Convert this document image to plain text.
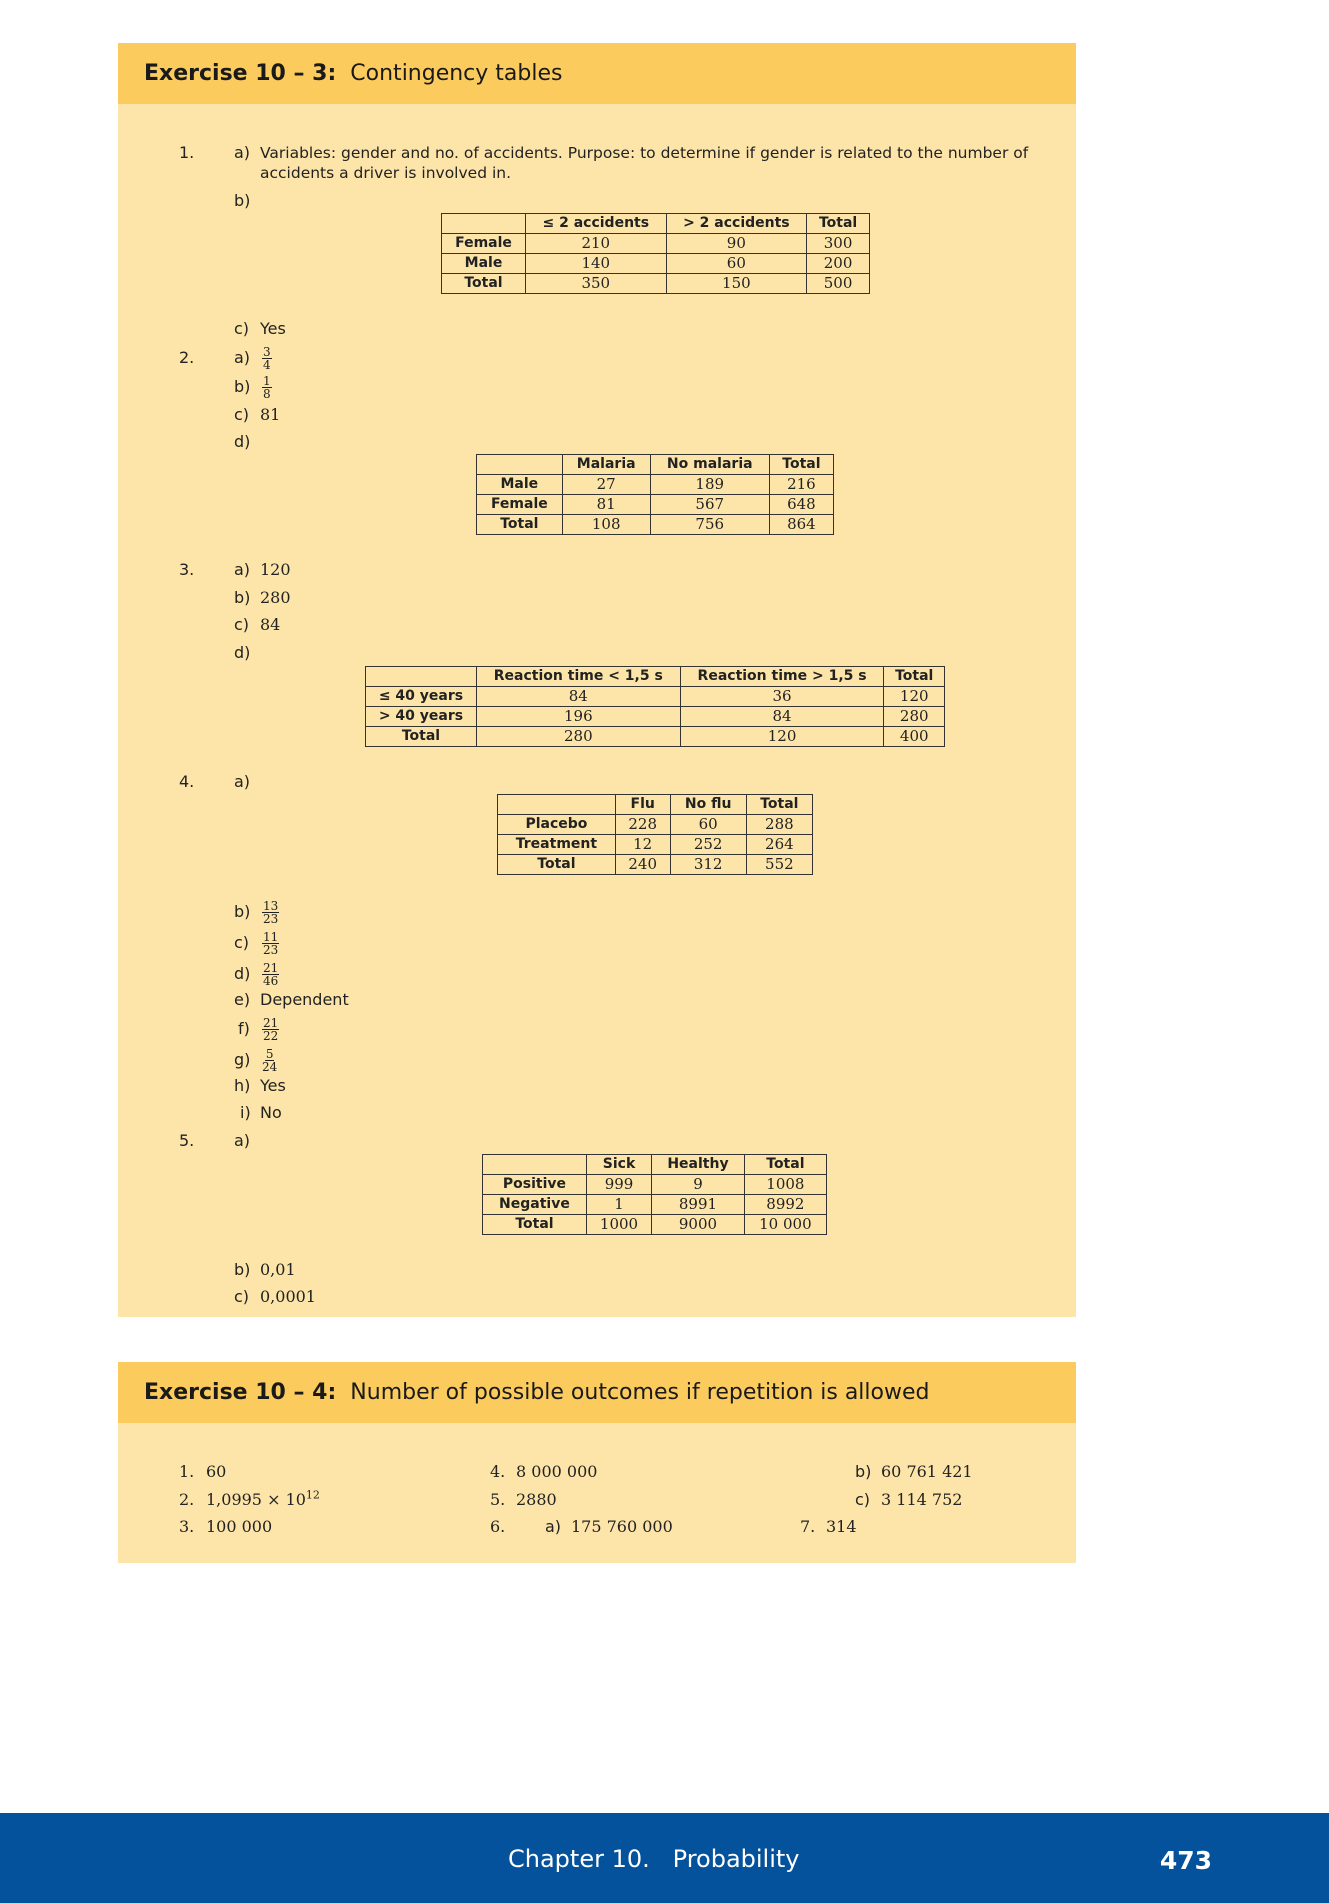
Exercise 10 – 3:
Contingency tables
1. a) Variables: gender and no. of accidents. Purpose: to determine if gender is related to the number of
accidents a driver is involved in.
b)
	≤ 2 accidents	> 2 accidents	Total
Female	210	90	300
Male	140	60	200
Total	350	150	500
c) Yes
2. $a) \frac{3}{4}$
$b) \frac{1}{8}$
c) 81
d)
	Malaria	No malaria	Total
Male	27	189	216
Female	81	567	648
Total	108	756	864
3. a) 120
b) 280
c) 84
d)
	Reaction time < 1,5 s	Reaction time > 1,5 s	Total
≤ 40 years	84	36	120
> 40 years	196	84	280
Total	280	120	400
4. a)
	Flu	No flu	Total
Placebo	228	60	288
Treatment	12	252	264
Total	240	312	552
$b) \frac{13}{23}$
$c) \frac{11}{23}$
$d) \frac{21}{46}$
e) Dependent
$f) \frac{21}{22}$
$g) \frac{5}{24}$
h) Yes
i) No
5. a)
	Sick	Healthy	Total
Positive	999	9	1008
Negative	1	8991	8992
Total	1000	9000	10 000
b) 0,01
c) 0,0001
Exercise 10 – 4:
Number of possible outcomes if repetition is allowed
1. 60
2. $1,0995 \times 10^{12}$
3. 100 000
4. 8 000 000
5. 2880
6. a) 175 760 000
b) 60 761 421
c) 3 114 752
7. 314
Chapter 10.   Probability	473
